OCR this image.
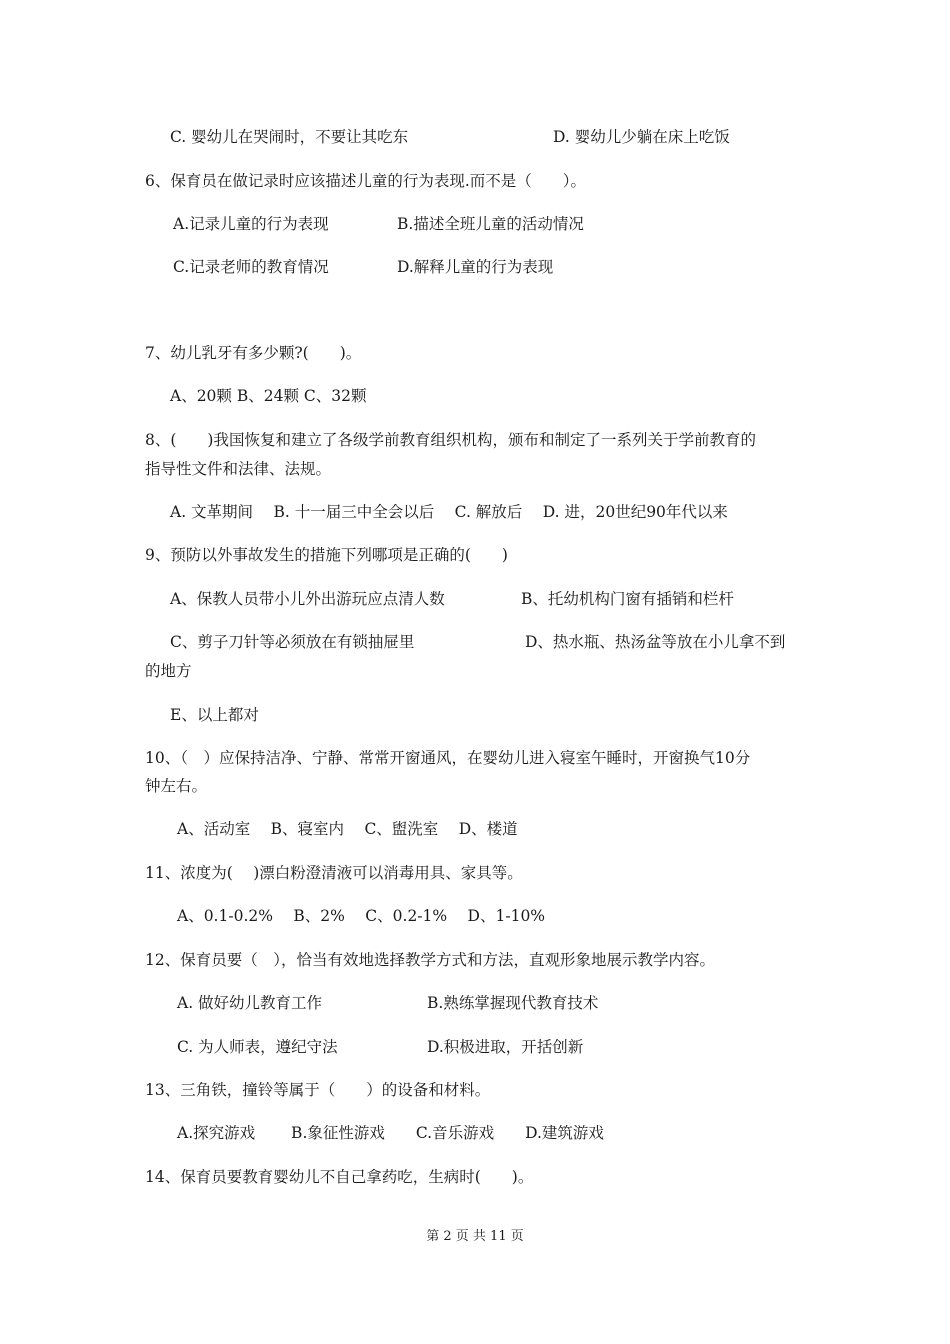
C. 婴幼儿在哭闹时，不要让其吃东	D. 婴幼儿少躺在床上吃饭
6、保育员在做记录时应该描述儿童的行为表现.而不是（　　）。
A.记录儿童的行为表现	B.描述全班儿童的活动情况
C.记录老师的教育情况	D.解释儿童的行为表现
7、幼儿乳牙有多少颗?(　　)。
A、20颗 B、24颗 C、32颗
8、(　　)我国恢复和建立了各级学前教育组织机构，颁布和制定了一系列关于学前教育的
指导性文件和法律、法规。
A. 文革期间　 B. 十一届三中全会以后　 C. 解放后　 D. 进，20世纪90年代以来
9、预防以外事故发生的措施下列哪项是正确的(　　)
A、保教人员带小儿外出游玩应点清人数	B、托幼机构门窗有插销和栏杆
C、剪子刀针等必须放在有锁抽屉里	D、热水瓶、热汤盆等放在小儿拿不到
的地方
E、以上都对
10、（　）应保持洁净、宁静、常常开窗通风，在婴幼儿进入寝室午睡时，开窗换气10分
钟左右。
A、活动室　 B、寝室内　 C、盥洗室　 D、楼道
11、浓度为(　 )漂白粉澄清液可以消毒用具、家具等。
A、0.1-0.2%　 B、2%　 C、0.2-1%　 D、1-10%
12、保育员要（　），恰当有效地选择教学方式和方法，直观形象地展示教学内容。
A. 做好幼儿教育工作	B.熟练掌握现代教育技术
C. 为人师表，遵纪守法	D.积极进取，开括创新
13、三角铁，撞铃等属于（　　）的设备和材料。
A.探究游戏　　 B.象征性游戏　　C.音乐游戏　　D.建筑游戏
14、保育员要教育婴幼儿不自己拿药吃，生病时(　　)。
第 2 页 共 11 页
